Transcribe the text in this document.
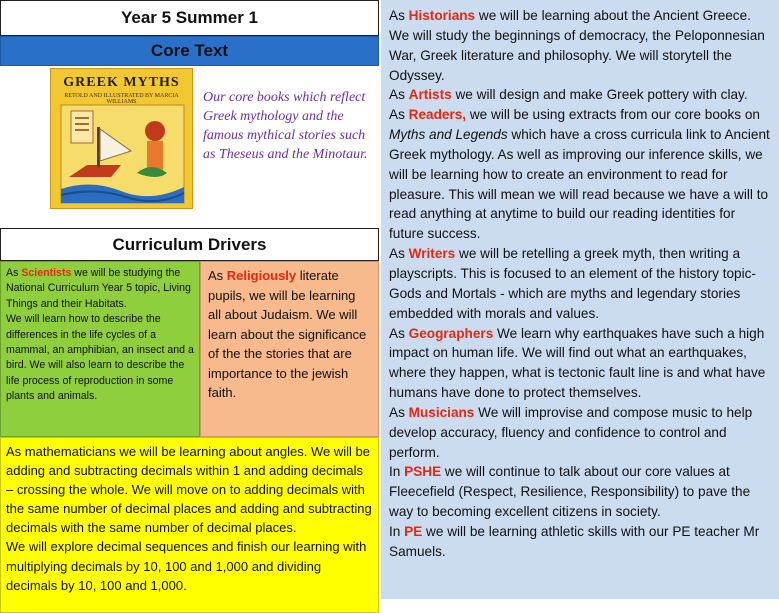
Year 5 Summer 1
Core Text
GREEK MYTHS
RETOLD AND ILLUSTRATED BY MARCIA WILLIAMS	Our core books which reflect Greek mythology and the famous mythical stories such as Theseus and the Minotaur.
Curriculum Drivers

As Scientists we will be studying the National Curriculum Year 5 topic, Living Things and their Habitats.

We will learn how to describe the differences in the life cycles of a mammal, an amphibian, an insect and a bird. We will also learn to describe the life process of reproduction in some plants and animals.

As Religiously literate pupils, we will be learning all about Judaism. We will learn about the significance of the the stories that are importance to the jewish faith.

As mathematicians we will be learning about angles. We will be adding and subtracting decimals within 1 and adding decimals – crossing the whole. We will move on to adding decimals with the same number of decimal places and adding and subtracting decimals with the same number of decimal places.

We will explore decimal sequences and finish our learning with multiplying decimals by 10, 100 and 1,000 and dividing decimals by 10, 100 and 1,000.

As Historians we will be learning about the Ancient Greece. We will study the beginnings of democracy, the Peloponnesian War, Greek literature and philosophy. We will storytell the Odyssey.

As Artists we will design and make Greek pottery with clay.

As Readers, we will be using extracts from our core books on Myths and Legends which have a cross curricula link to Ancient Greek mythology. As well as improving our inference skills, we will be learning how to create an environment to read for pleasure. This will mean we will read because we have a will to read anything at anytime to build our reading identities for future success.

As Writers we will be retelling a greek myth, then writing a playscripts. This is focused to an element of the history topic- Gods and Mortals - which are myths and legendary stories embedded with morals and values.

As Geographers We learn why earthquakes have such a high impact on human life. We will find out what an earthquakes, where they happen, what is tectonic fault line is and what have humans have done to protect themselves.

As Musicians We will improvise and compose music to help develop accuracy, fluency and confidence to control and perform.

In PSHE we will continue to talk about our core values at Fleecefield (Respect, Resilience, Responsibility) to pave the way to becoming excellent citizens in society.

In PE we will be learning athletic skills with our PE teacher Mr Samuels.
